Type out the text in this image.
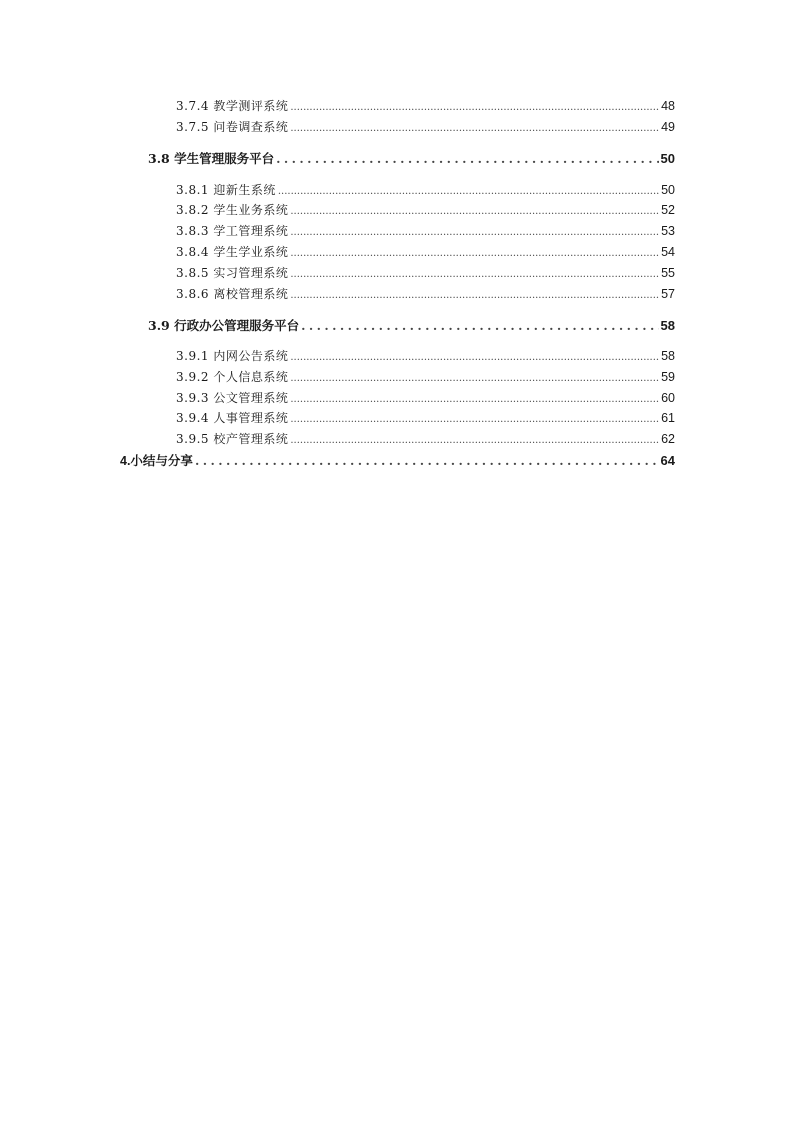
3.7.4 教学测评系统 .....	48
3.7.5 问卷调查系统 .....	49
3.8 学生管理服务平台 .....	50
3.8.1 迎新生系统 .....	50
3.8.2 学生业务系统 .....	52
3.8.3 学工管理系统 .....	53
3.8.4 学生学业系统 .....	54
3.8.5 实习管理系统 .....	55
3.8.6 离校管理系统 .....	57
3.9 行政办公管理服务平台 .....	58
3.9.1 内网公告系统 .....	58
3.9.2 个人信息系统 .....	59
3.9.3 公文管理系统 .....	60
3.9.4 人事管理系统 .....	61
3.9.5 校产管理系统 .....	62
4.小结与分享 .....	64
